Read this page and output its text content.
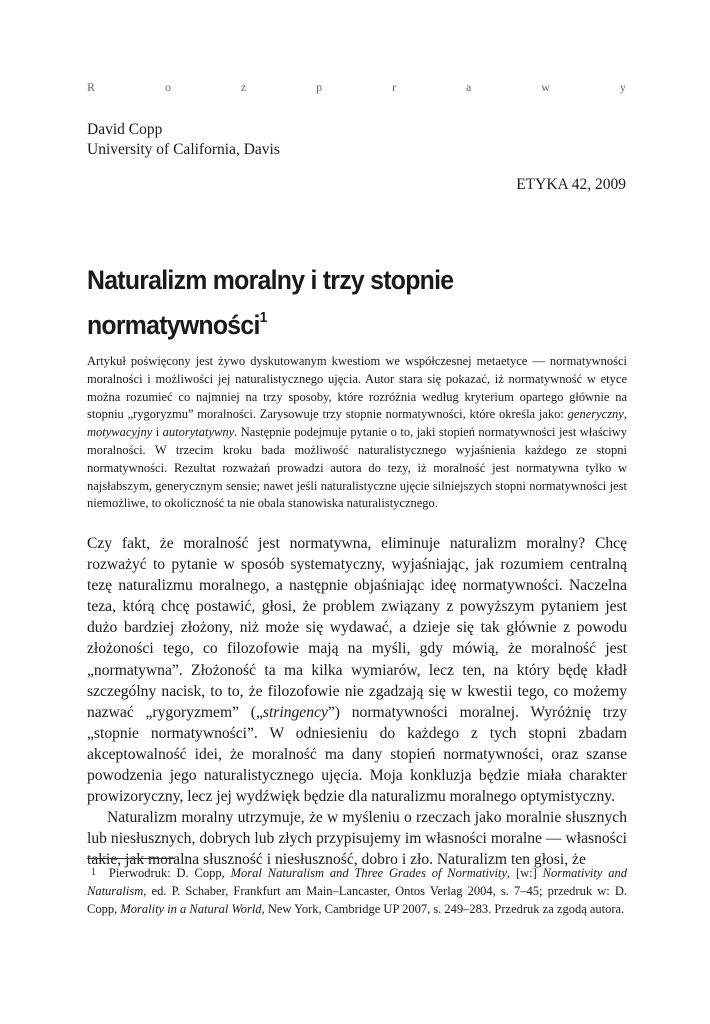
R	o	z	p	r	a	w	y
David Copp
University of California, Davis
ETYKA 42, 2009
Naturalizm moralny i trzy stopnie normatywności$^1$

Artykuł poświęcony jest żywo dyskutowanym kwestiom we współczesnej metaetyce — normatywności moralności i możliwości jej naturalistycznego ujęcia. Autor stara się pokazać, iż normatywność w etyce można rozumieć co najmniej na trzy sposoby, które rozróżnia według kryterium opartego głównie na stopniu „rygoryzmu” moralności. Zarysowuje trzy stopnie normatywności, które określa jako: generyczny, motywacyjny i autorytatywny. Następnie podejmuje pytanie o to, jaki stopień normatywności jest właściwy moralności. W trzecim kroku bada możliwość naturalistycznego wyjaśnienia każdego ze stopni normatywności. Rezultat rozważań prowadzi autora do tezy, iż moralność jest normatywna tylko w najsłabszym, generycznym sensie; nawet jeśli naturalistyczne ujęcie silniejszych stopni normatywności jest niemożliwe, to okoliczność ta nie obala stanowiska naturalistycznego.

Czy fakt, że moralność jest normatywna, eliminuje naturalizm moralny? Chcę rozważyć to pytanie w sposób systematyczny, wyjaśniając, jak rozumiem centralną tezę naturalizmu moralnego, a następnie objaśniając ideę normatywności. Naczelna teza, którą chcę postawić, głosi, że problem związany z powyższym pytaniem jest dużo bardziej złożony, niż może się wydawać, a dzieje się tak głównie z powodu złożoności tego, co filozofowie mają na myśli, gdy mówią, że moralność jest „normatywna”. Złożoność ta ma kilka wymiarów, lecz ten, na który będę kładł szczególny nacisk, to to, że filozofowie nie zgadzają się w kwestii tego, co możemy nazwać „rygoryzmem” („stringency”) normatywności moralnej. Wyróżnię trzy „stopnie normatywności”. W odniesieniu do każdego z tych stopni zbadam akceptowalność idei, że moralność ma dany stopień normatywności, oraz szanse powodzenia jego naturalistycznego ujęcia. Moja konkluzja będzie miała charakter prowizoryczny, lecz jej wydźwięk będzie dla naturalizmu moralnego optymistyczny.

Naturalizm moralny utrzymuje, że w myśleniu o rzeczach jako moralnie słusznych lub niesłusznych, dobrych lub złych przypisujemy im własności moralne — własności takie, jak moralna słuszność i niesłuszność, dobro i zło. Naturalizm ten głosi, że

1 Pierwodruk: D. Copp, Moral Naturalism and Three Grades of Normativity, [w:] Normativity and Naturalism, ed. P. Schaber, Frankfurt am Main–Lancaster, Ontos Verlag 2004, s. 7–45; przedruk w: D. Copp, Morality in a Natural World, New York, Cambridge UP 2007, s. 249–283. Przedruk za zgodą autora.
